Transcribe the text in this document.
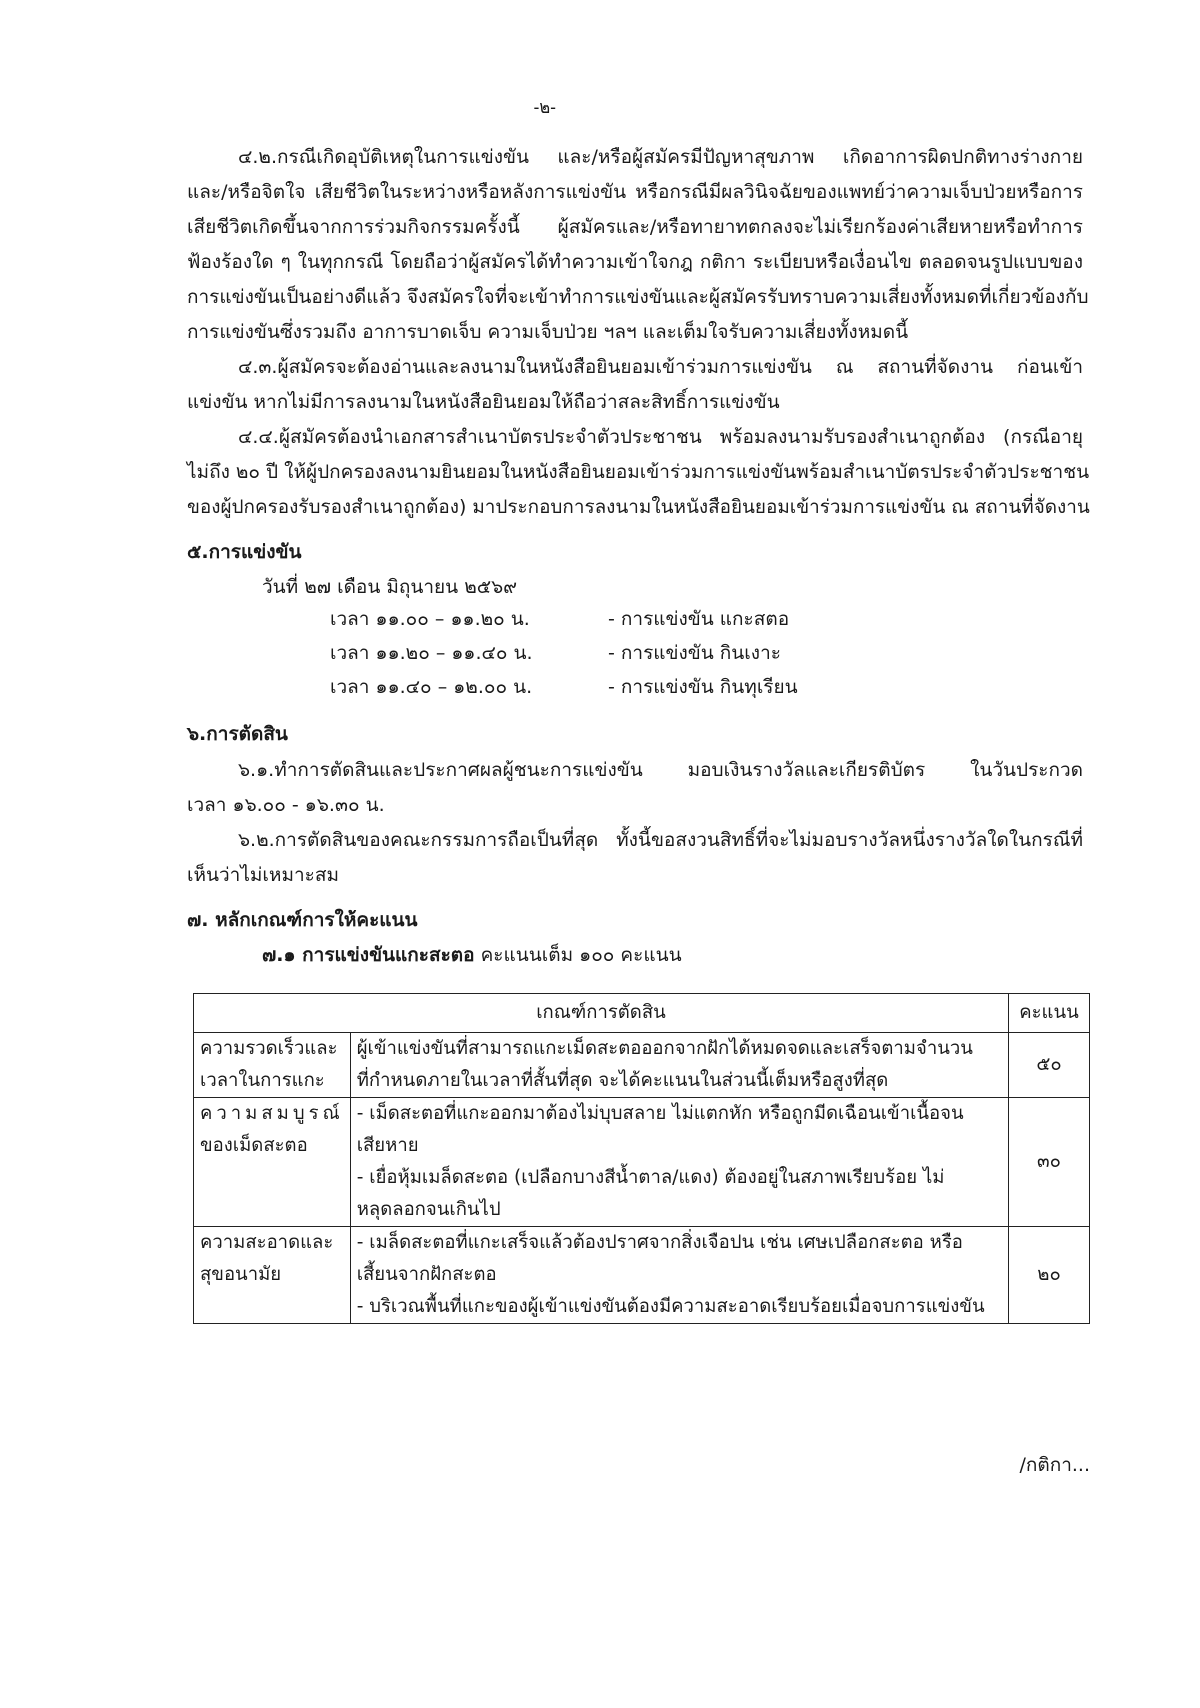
-๒-
๔.๒.กรณีเกิดอุบัติเหตุในการแข่งขัน และ/หรือผู้สมัครมีปัญหาสุขภาพ เกิดอาการผิดปกติทางร่างกาย
และ/หรือจิตใจ เสียชีวิตในระหว่างหรือหลังการแข่งขัน หรือกรณีมีผลวินิจฉัยของแพทย์ว่าความเจ็บป่วยหรือการ
เสียชีวิตเกิดขึ้นจากการร่วมกิจกรรมครั้งนี้ ผู้สมัครและ/หรือทายาทตกลงจะไม่เรียกร้องค่าเสียหายหรือทำการ
ฟ้องร้องใด ๆ ในทุกกรณี โดยถือว่าผู้สมัครได้ทำความเข้าใจกฎ กติกา ระเบียบหรือเงื่อนไข ตลอดจนรูปแบบของ
การแข่งขันเป็นอย่างดีแล้ว จึงสมัครใจที่จะเข้าทำการแข่งขันและผู้สมัครรับทราบความเสี่ยงทั้งหมดที่เกี่ยวข้องกับ
การแข่งขันซึ่งรวมถึง อาการบาดเจ็บ ความเจ็บป่วย ฯลฯ และเต็มใจรับความเสี่ยงทั้งหมดนี้
๔.๓.ผู้สมัครจะต้องอ่านและลงนามในหนังสือยินยอมเข้าร่วมการแข่งขัน ณ สถานที่จัดงาน ก่อนเข้า
แข่งขัน หากไม่มีการลงนามในหนังสือยินยอมให้ถือว่าสละสิทธิ์การแข่งขัน
๔.๔.ผู้สมัครต้องนำเอกสารสำเนาบัตรประจำตัวประชาชน พร้อมลงนามรับรองสำเนาถูกต้อง (กรณีอายุ
ไม่ถึง ๒๐ ปี ให้ผู้ปกครองลงนามยินยอมในหนังสือยินยอมเข้าร่วมการแข่งขันพร้อมสำเนาบัตรประจำตัวประชาชน
ของผู้ปกครองรับรองสำเนาถูกต้อง) มาประกอบการลงนามในหนังสือยินยอมเข้าร่วมการแข่งขัน ณ สถานที่จัดงาน
๕.การแข่งขัน
วันที่ ๒๗ เดือน มิถุนายน ๒๕๖๙
เวลา ๑๑.๐๐ – ๑๑.๒๐ น.	- การแข่งขัน แกะสตอ
เวลา ๑๑.๒๐ – ๑๑.๔๐ น.	- การแข่งขัน กินเงาะ
เวลา ๑๑.๔๐ – ๑๒.๐๐ น.	- การแข่งขัน กินทุเรียน
๖.การตัดสิน
๖.๑.ทำการตัดสินและประกาศผลผู้ชนะการแข่งขัน มอบเงินรางวัลและเกียรติบัตร ในวันประกวด
เวลา ๑๖.๐๐ - ๑๖.๓๐ น.
๖.๒.การตัดสินของคณะกรรมการถือเป็นที่สุด ทั้งนี้ขอสงวนสิทธิ์ที่จะไม่มอบรางวัลหนึ่งรางวัลใดในกรณีที่
เห็นว่าไม่เหมาะสม
๗. หลักเกณฑ์การให้คะแนน
๗.๑ การแข่งขันแกะสะตอ คะแนนเต็ม ๑๐๐ คะแนน
เกณฑ์การตัดสิน		คะแนน

ความรวดเร็วและ
เวลาในการแกะ	ผู้เข้าแข่งขันที่สามารถแกะเม็ดสะตอออกจากฝักได้หมดจดและเสร็จตามจำนวน
ที่กำหนดภายในเวลาที่สั้นที่สุด จะได้คะแนนในส่วนนี้เต็มหรือสูงที่สุด	๕๐

ความสมบูรณ์
ของเม็ดสะตอ	- เม็ดสะตอที่แกะออกมาต้องไม่บุบสลาย ไม่แตกหัก หรือถูกมีดเฉือนเข้าเนื้อจน
เสียหาย
- เยื่อหุ้มเมล็ดสะตอ (เปลือกบางสีน้ำตาล/แดง) ต้องอยู่ในสภาพเรียบร้อย ไม่
หลุดลอกจนเกินไป	๓๐

ความสะอาดและ
สุขอนามัย	- เมล็ดสะตอที่แกะเสร็จแล้วต้องปราศจากสิ่งเจือปน เช่น เศษเปลือกสะตอ หรือ
เสี้ยนจากฝักสะตอ
- บริเวณพื้นที่แกะของผู้เข้าแข่งขันต้องมีความสะอาดเรียบร้อยเมื่อจบการแข่งขัน	๒๐
/กติกา...
